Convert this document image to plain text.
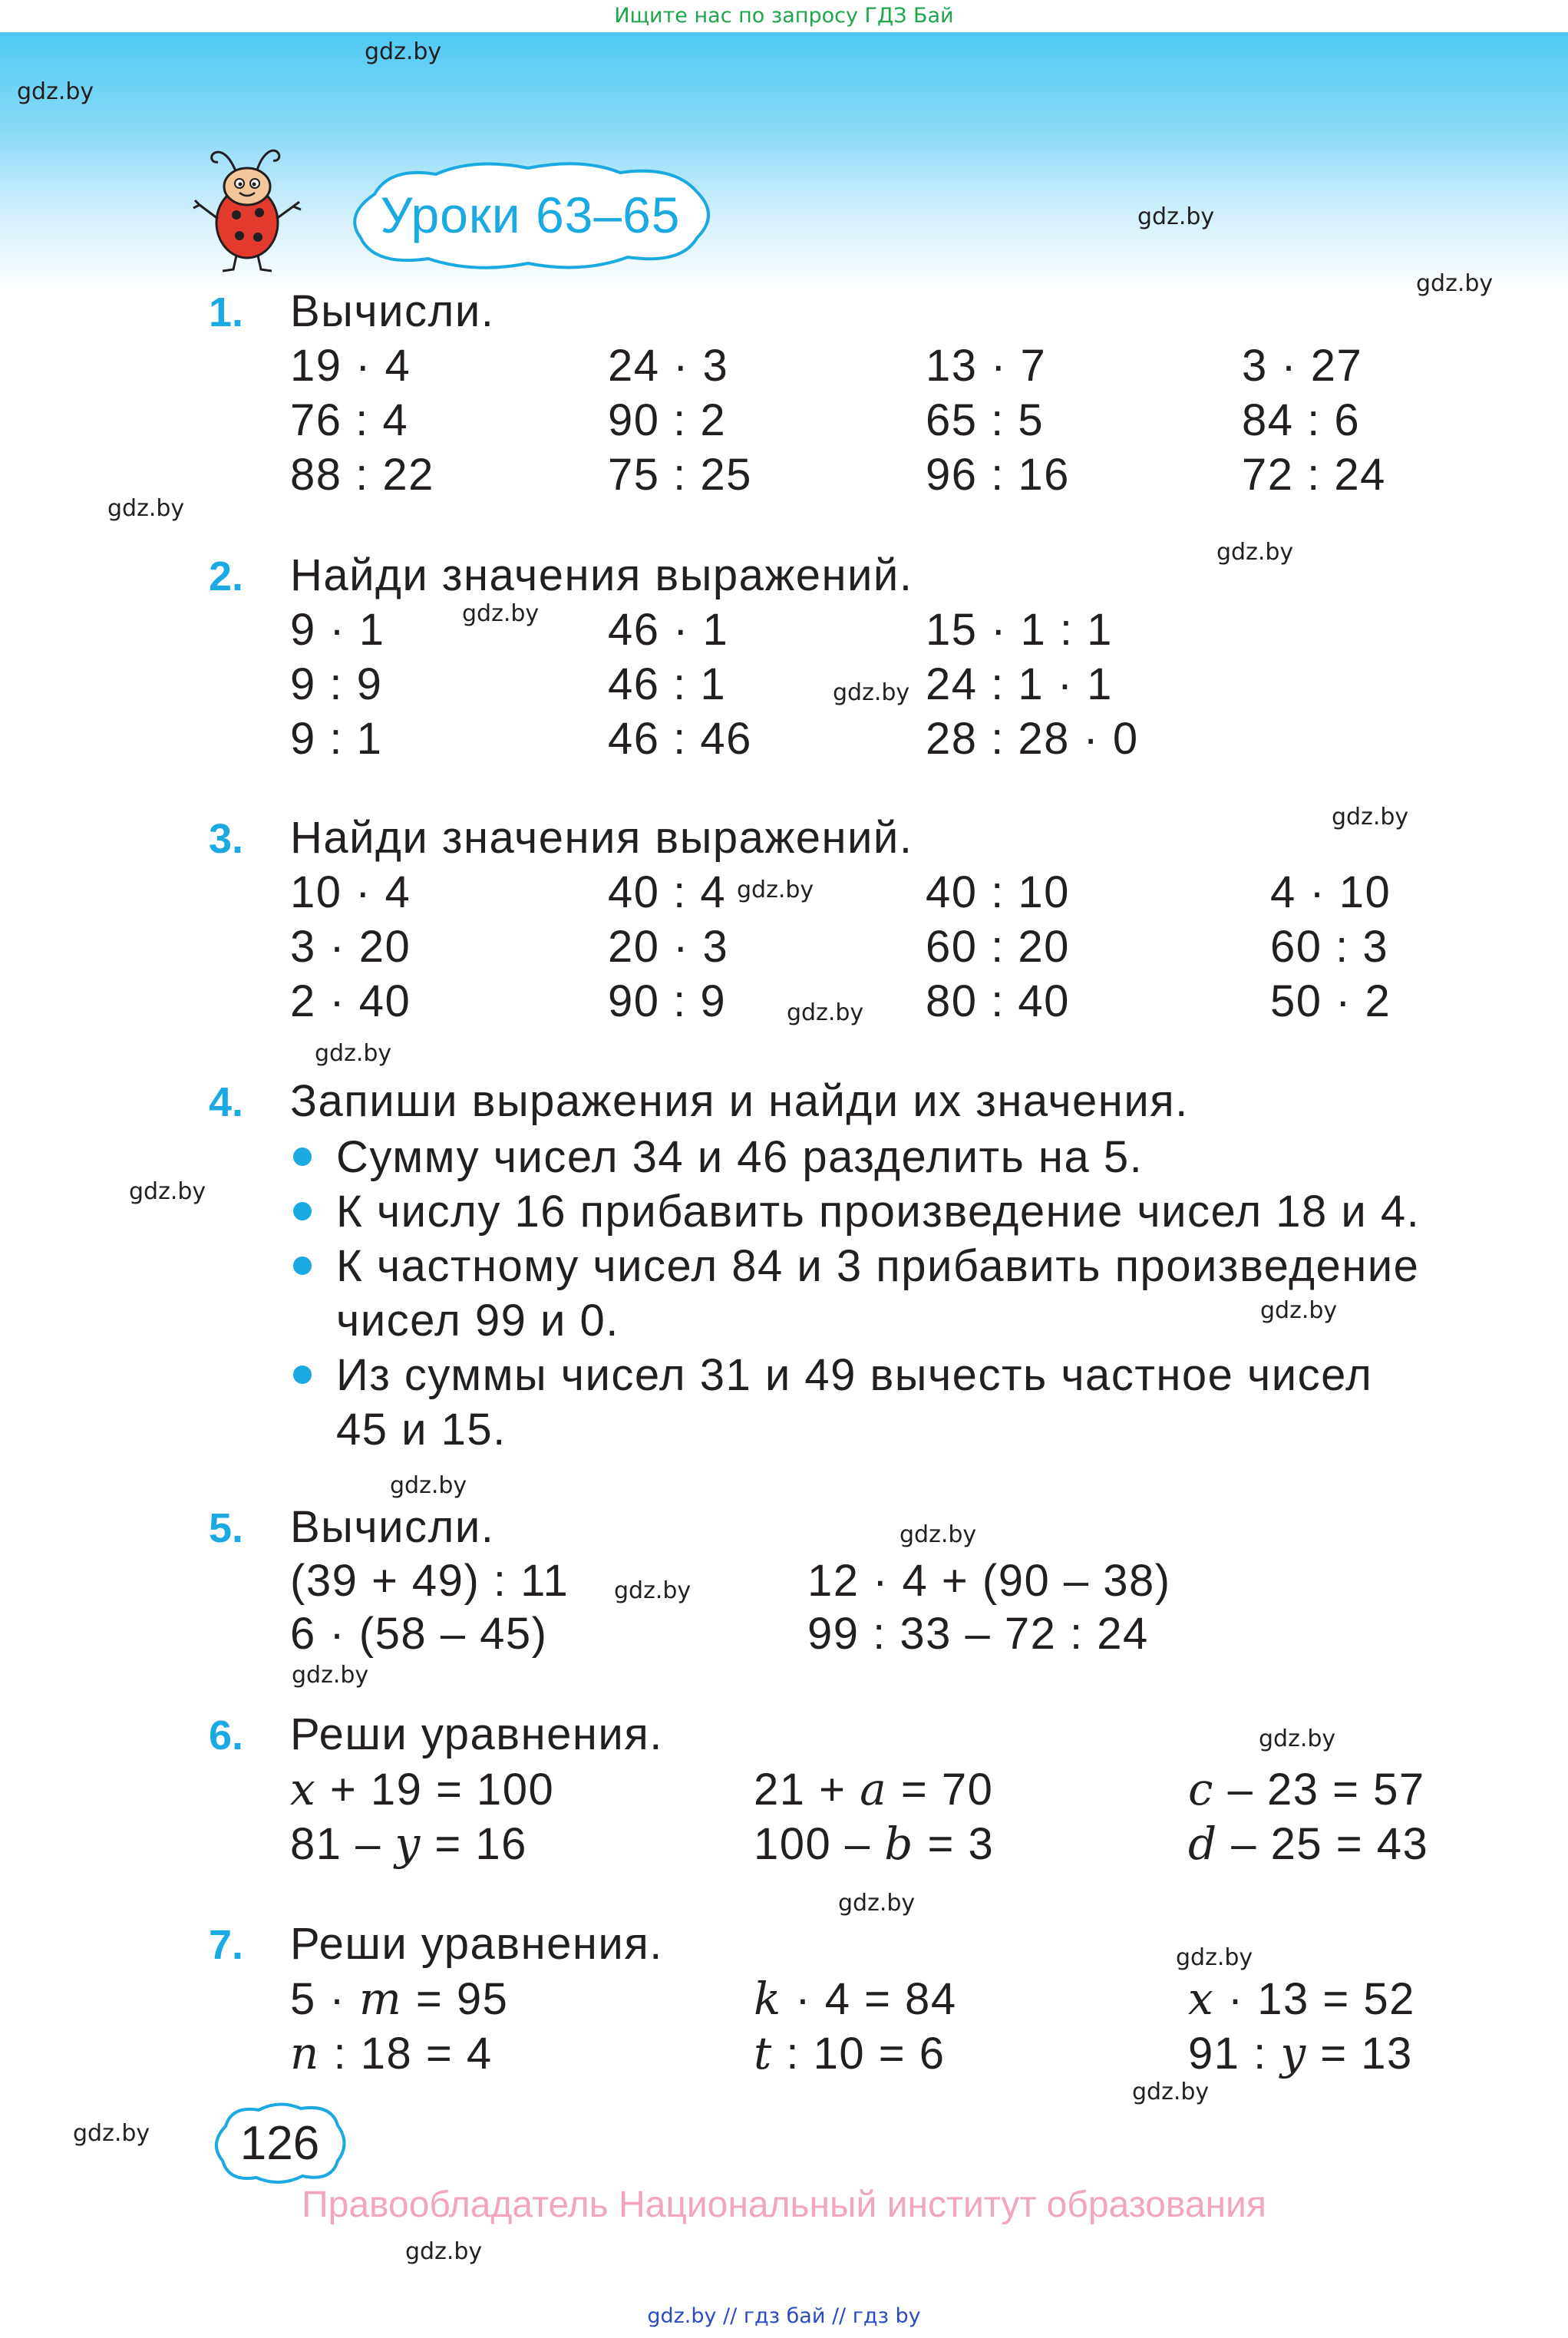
Ищите нас по запросу ГДЗ Бай
gdz.by
gdz.by
gdz.by
gdz.by
gdz.by
gdz.by
gdz.by
gdz.by
gdz.by
gdz.by
gdz.by
gdz.by
gdz.by
gdz.by
gdz.by
gdz.by
gdz.by
gdz.by
gdz.by
gdz.by
gdz.by
gdz.by
gdz.by
gdz.by
Уроки 63–65
1. Вычисли.
19 · 4
76 : 4
88 : 22
24 · 3
90 : 2
75 : 25
13 · 7
65 : 5
96 : 16
3 · 27
84 : 6
72 : 24
2. Найди значения выражений.
9 · 1
9 : 9
9 : 1
46 · 1
46 : 1
46 : 46
15 · 1 : 1
24 : 1 · 1
28 : 28 · 0
3. Найди значения выражений.
10 · 4
3 · 20
2 · 40
40 : 4
20 · 3
90 : 9
40 : 10
60 : 20
80 : 40
4 · 10
60 : 3
50 · 2
4. Запиши выражения и найди их значения.
Сумму чисел 34 и 46 разделить на 5.
К числу 16 прибавить произведение чисел 18 и 4.
К частному чисел 84 и 3 прибавить произведение
чисел 99 и 0.
Из суммы чисел 31 и 49 вычесть частное чисел
45 и 15.
5. Вычисли.
(39 + 49) : 11
6 · (58 – 45)
12 · 4 + (90 – 38)
99 : 33 – 72 : 24
6. Реши уравнения.
x + 19 = 100
81 – y = 16
21 + a = 70
100 – b = 3
c – 23 = 57
d – 25 = 43
7. Реши уравнения.
5 · m = 95
n : 18 = 4
k · 4 = 84
t : 10 = 6
x · 13 = 52
91 : y = 13
126
Правообладатель Национальный институт образования
gdz.by // гдз бай // гдз by
